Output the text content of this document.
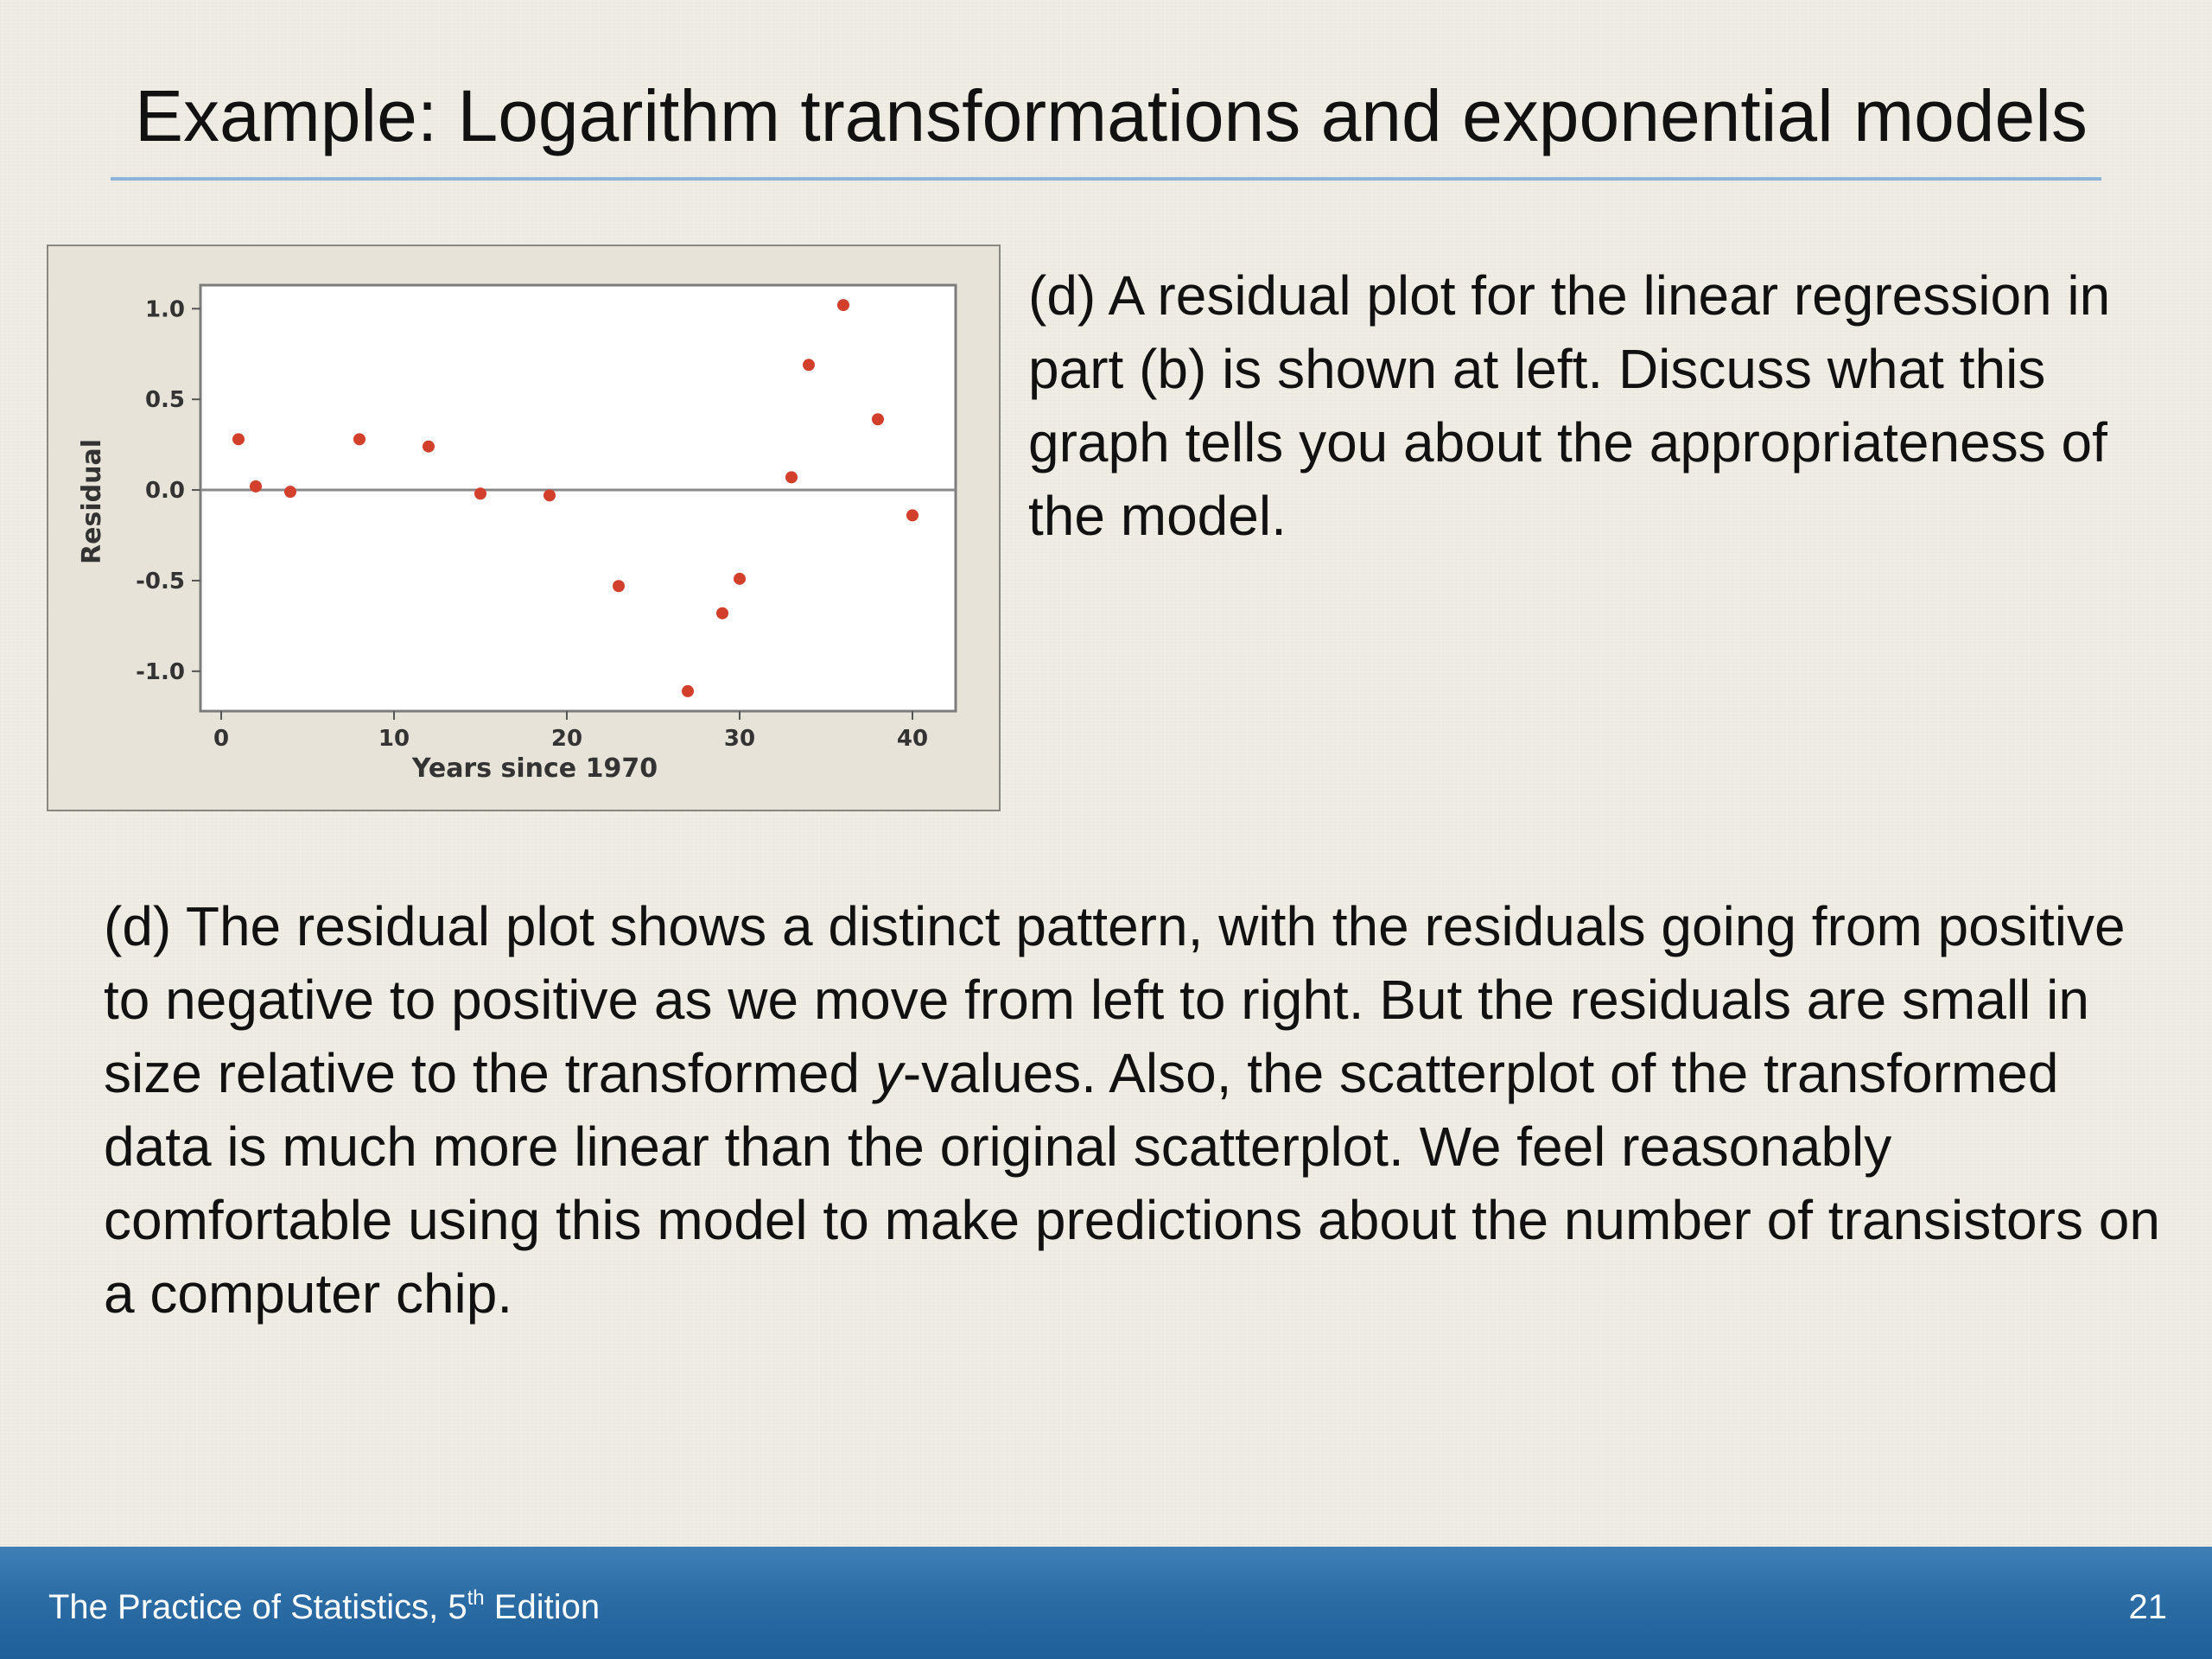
Example: Logarithm transformations and exponential models
1.0
0.5
0.0
-0.5
-1.0
0	10	20	30	40
Years since 1970
Residual
(d) A residual plot for the linear regression in part (b) is shown at left. Discuss what this graph tells you about the appropriateness of the model.
(d) The residual plot shows a distinct pattern, with the residuals going from positive to negative to positive as we move from left to right. But the residuals are small in size relative to the transformed y-values. Also, the scatterplot of the transformed data is much more linear than the original scatterplot. We feel reasonably comfortable using this model to make predictions about the number of transistors on a computer chip.
The Practice of Statistics, 5th Edition	21
